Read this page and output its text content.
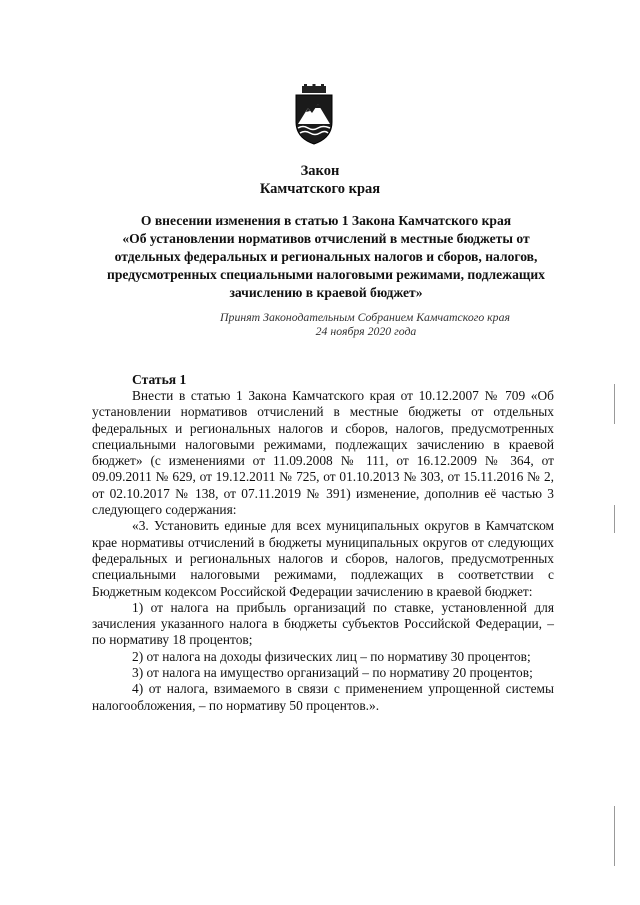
Закон
Камчатского края
О внесении изменения в статью 1 Закона Камчатского края
«Об установлении нормативов отчислений в местные бюджеты от
отдельных федеральных и региональных налогов и сборов, налогов,
предусмотренных специальными налоговыми режимами, подлежащих
зачислению в краевой бюджет»
Принят Законодательным Собранием Камчатского края
24 ноября 2020 года
Статья 1

Внести в статью 1 Закона Камчатского края от 10.12.2007 № 709 «Об установлении нормативов отчислений в местные бюджеты от отдельных федеральных и региональных налогов и сборов, налогов, предусмотренных специальными налоговыми режимами, подлежащих зачислению в краевой бюджет» (с изменениями от 11.09.2008 № 111, от 16.12.2009 № 364, от 09.09.2011 № 629, от 19.12.2011 № 725, от 01.10.2013 № 303, от 15.11.2016 № 2, от 02.10.2017 № 138, от 07.11.2019 № 391) изменение, дополнив её частью 3 следующего содержания:

«3. Установить единые для всех муниципальных округов в Камчатском крае нормативы отчислений в бюджеты муниципальных округов от следующих федеральных и региональных налогов и сборов, налогов, предусмотренных специальными налоговыми режимами, подлежащих в соответствии с Бюджетным кодексом Российской Федерации зачислению в краевой бюджет:

1) от налога на прибыль организаций по ставке, установленной для зачисления указанного налога в бюджеты субъектов Российской Федерации, – по нормативу 18 процентов;

2) от налога на доходы физических лиц – по нормативу 30 процентов;

3) от налога на имущество организаций – по нормативу 20 процентов;

4) от налога, взимаемого в связи с применением упрощенной системы налогообложения, – по нормативу 50 процентов.».
